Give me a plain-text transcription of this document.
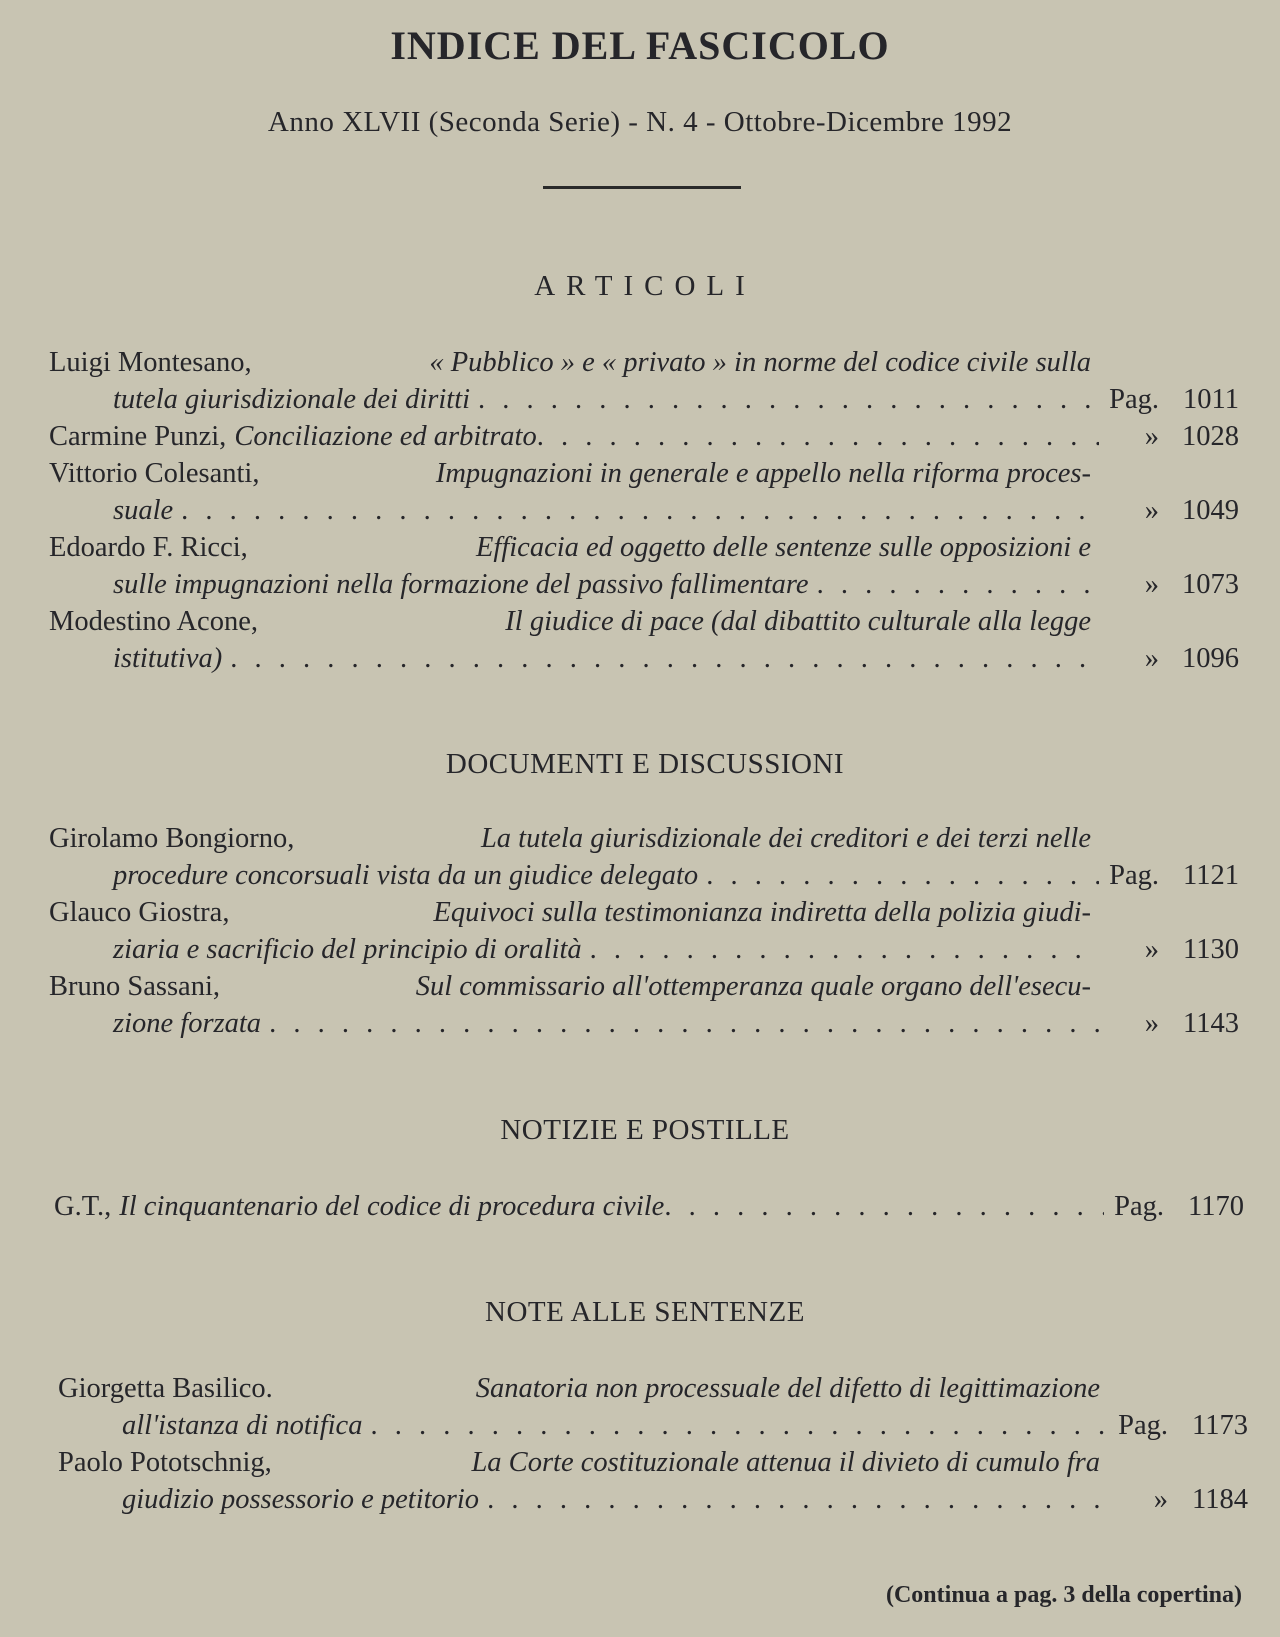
INDICE DEL FASCICOLO
Anno XLVII (Seconda Serie) - N. 4 - Ottobre-Dicembre 1992
ARTICOLI
Luigi Montesano,	« Pubblico » e « privato » in norme del codice civile sulla
tutela giurisdizionale dei diritti . . .	Pag. 1011
Carmine Punzi, Conciliazione ed arbitrato . . .	» 1028
Vittorio Colesanti,	Impugnazioni in generale e appello nella riforma proces-
suale . . .	» 1049
Edoardo F. Ricci,	Efficacia ed oggetto delle sentenze sulle opposizioni e
sulle impugnazioni nella formazione del passivo fallimentare . . .	» 1073
Modestino Acone,	Il giudice di pace (dal dibattito culturale alla legge
istitutiva) . . .	» 1096
DOCUMENTI E DISCUSSIONI
Girolamo Bongiorno,	La tutela giurisdizionale dei creditori e dei terzi nelle
procedure concorsuali vista da un giudice delegato . . .	Pag. 1121
Glauco Giostra,	Equivoci sulla testimonianza indiretta della polizia giudi-
ziaria e sacrificio del principio di oralità . . .	» 1130
Bruno Sassani,	Sul commissario all'ottemperanza quale organo dell'esecu-
zione forzata . . .	» 1143
NOTIZIE E POSTILLE
G.T., Il cinquantenario del codice di procedura civile . . .	Pag. 1170
NOTE ALLE SENTENZE
Giorgetta Basilico.	Sanatoria non processuale del difetto di legittimazione
all'istanza di notifica . . .	Pag. 1173
Paolo Pototschnig,	La Corte costituzionale attenua il divieto di cumulo fra
giudizio possessorio e petitorio . . .	» 1184
(Continua a pag. 3 della copertina)
